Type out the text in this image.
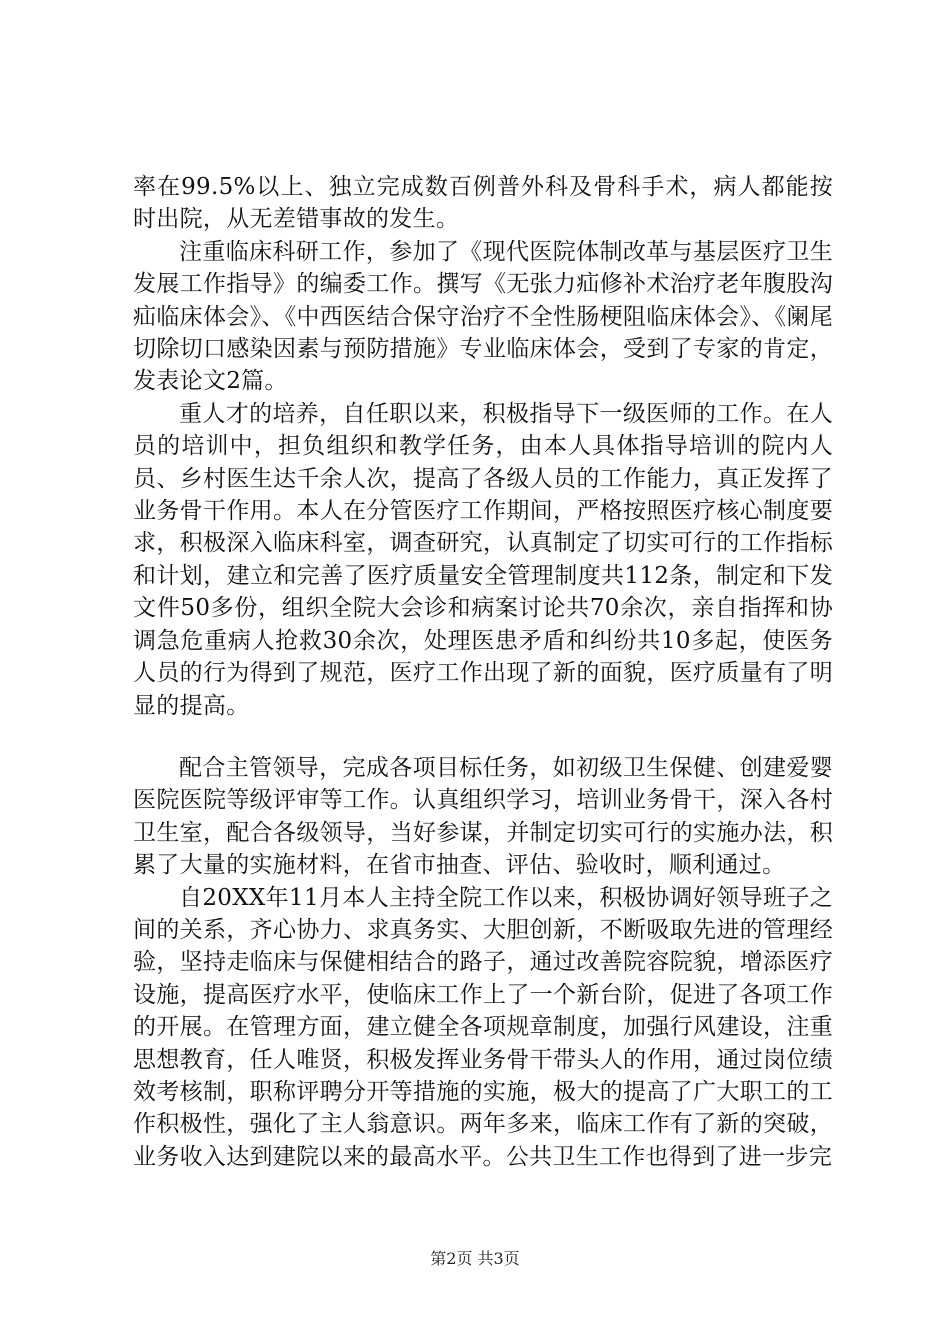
率在99.5%以上、独立完成数百例普外科及骨科手术，病人都能按时出院，从无差错事故的发生。

注重临床科研工作，参加了《现代医院体制改革与基层医疗卫生发展工作指导》的编委工作。撰写《无张力疝修补术治疗老年腹股沟疝临床体会》、《中西医结合保守治疗不全性肠梗阻临床体会》、《阑尾切除切口感染因素与预防措施》专业临床体会，受到了专家的肯定，发表论文2篇。

重人才的培养，自任职以来，积极指导下一级医师的工作。在人员的培训中，担负组织和教学任务，由本人具体指导培训的院内人员、乡村医生达千余人次，提高了各级人员的工作能力，真正发挥了业务骨干作用。本人在分管医疗工作期间，严格按照医疗核心制度要求，积极深入临床科室，调查研究，认真制定了切实可行的工作指标和计划，建立和完善了医疗质量安全管理制度共112条，制定和下发文件50多份，组织全院大会诊和病案讨论共70余次，亲自指挥和协调急危重病人抢救30余次，处理医患矛盾和纠纷共10多起，使医务人员的行为得到了规范，医疗工作出现了新的面貌，医疗质量有了明显的提高。

配合主管领导，完成各项目标任务，如初级卫生保健、创建爱婴医院医院等级评审等工作。认真组织学习，培训业务骨干，深入各村卫生室，配合各级领导，当好参谋，并制定切实可行的实施办法，积累了大量的实施材料，在省市抽查、评估、验收时，顺利通过。

自20XX年11月本人主持全院工作以来，积极协调好领导班子之间的关系，齐心协力、求真务实、大胆创新，不断吸取先进的管理经验，坚持走临床与保健相结合的路子，通过改善院容院貌，增添医疗设施，提高医疗水平，使临床工作上了一个新台阶，促进了各项工作的开展。在管理方面，建立健全各项规章制度，加强行风建设，注重思想教育，任人唯贤，积极发挥业务骨干带头人的作用，通过岗位绩效考核制，职称评聘分开等措施的实施，极大的提高了广大职工的工作积极性，强化了主人翁意识。两年多来，临床工作有了新的突破，业务收入达到建院以来的最高水平。公共卫生工作也得到了进一步完

第2页 共3页
